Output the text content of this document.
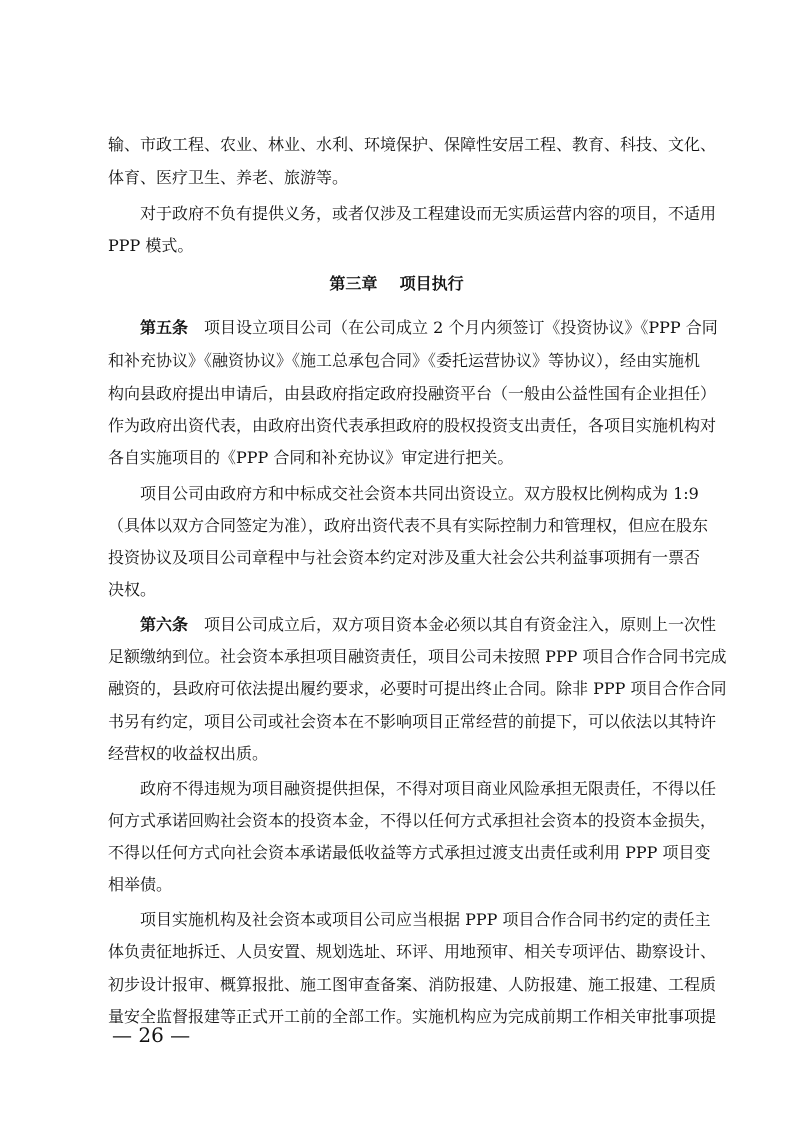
输、市政工程、农业、林业、水利、环境保护、保障性安居工程、教育、科技、文化、
体育、医疗卫生、养老、旅游等。
对于政府不负有提供义务，或者仅涉及工程建设而无实质运营内容的项目，不适用
PPP 模式。
第三章    项目执行
第五条　 项目设立项目公司（在公司成立 2 个月内须签订《投资协议》《PPP 合同
和补充协议》《融资协议》《施工总承包合同》《委托运营协议》等协议），经由实施机
构向县政府提出申请后，由县政府指定政府投融资平台（一般由公益性国有企业担任）
作为政府出资代表，由政府出资代表承担政府的股权投资支出责任，各项目实施机构对
各自实施项目的《PPP 合同和补充协议》审定进行把关。
项目公司由政府方和中标成交社会资本共同出资设立。双方股权比例构成为 1:9
（具体以双方合同签定为准），政府出资代表不具有实际控制力和管理权，但应在股东
投资协议及项目公司章程中与社会资本约定对涉及重大社会公共利益事项拥有一票否
决权。
第六条　 项目公司成立后，双方项目资本金必须以其自有资金注入，原则上一次性
足额缴纳到位。社会资本承担项目融资责任，项目公司未按照 PPP 项目合作合同书完成
融资的，县政府可依法提出履约要求，必要时可提出终止合同。除非 PPP 项目合作合同
书另有约定，项目公司或社会资本在不影响项目正常经营的前提下，可以依法以其特许
经营权的收益权出质。
政府不得违规为项目融资提供担保，不得对项目商业风险承担无限责任，不得以任
何方式承诺回购社会资本的投资本金，不得以任何方式承担社会资本的投资本金损失，
不得以任何方式向社会资本承诺最低收益等方式承担过渡支出责任或利用 PPP 项目变
相举债。
项目实施机构及社会资本或项目公司应当根据 PPP 项目合作合同书约定的责任主
体负责征地拆迁、人员安置、规划选址、环评、用地预审、相关专项评估、勘察设计、
初步设计报审、概算报批、施工图审查备案、消防报建、人防报建、施工报建、工程质
量安全监督报建等正式开工前的全部工作。实施机构应为完成前期工作相关审批事项提
— 26 —
